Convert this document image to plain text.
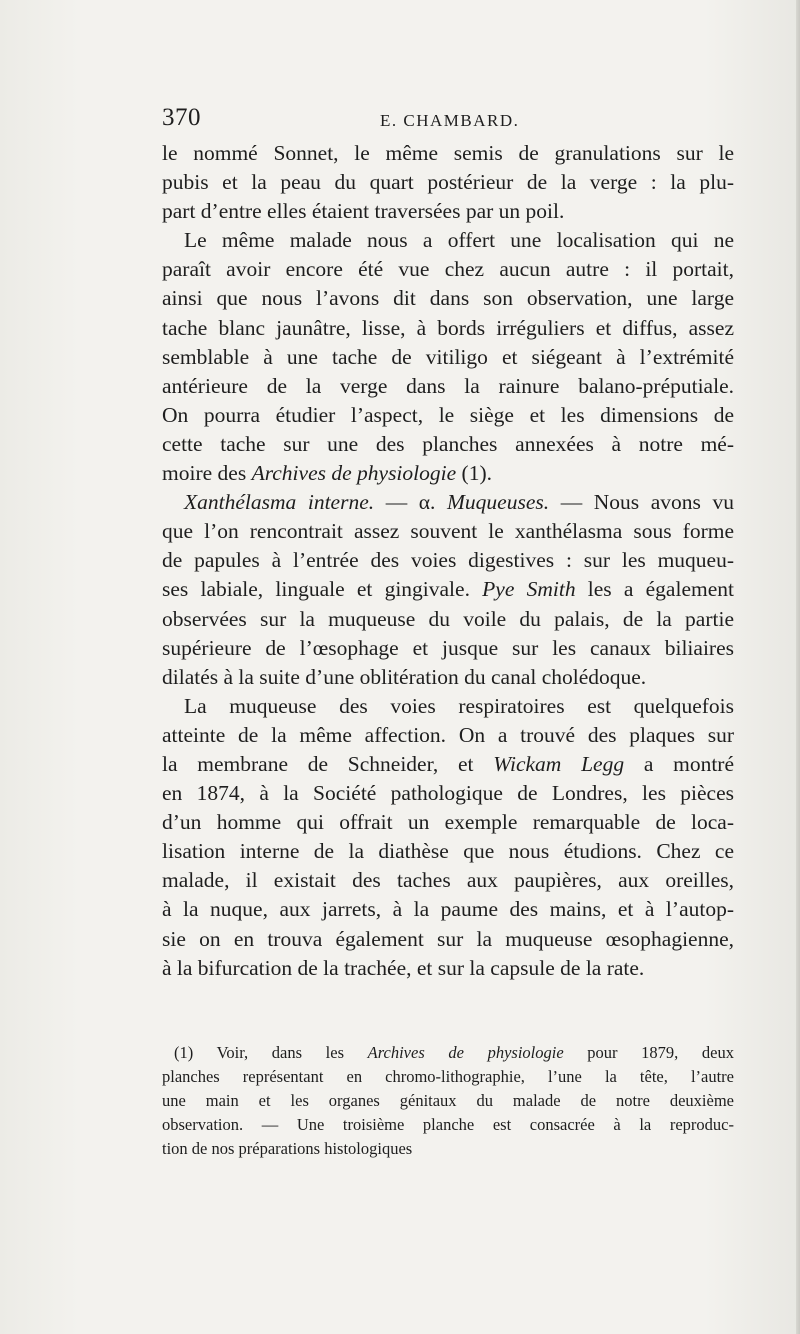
370	E. CHAMBARD.
le nommé Sonnet, le même semis de granulations sur le
pubis et la peau du quart postérieur de la verge : la plu-
part d’entre elles étaient traversées par un poil.
Le même malade nous a offert une localisation qui ne
paraît avoir encore été vue chez aucun autre : il portait,
ainsi que nous l’avons dit dans son observation, une large
tache blanc jaunâtre, lisse, à bords irréguliers et diffus, assez
semblable à une tache de vitiligo et siégeant à l’extrémité
antérieure de la verge dans la rainure balano-préputiale.
On pourra étudier l’aspect, le siège et les dimensions de
cette tache sur une des planches annexées à notre mé-
moire des Archives de physiologie (1).
Xanthélasma interne. — α. Muqueuses. — Nous avons vu
que l’on rencontrait assez souvent le xanthélasma sous forme
de papules à l’entrée des voies digestives : sur les muqueu-
ses labiale, linguale et gingivale. Pye Smith les a également
observées sur la muqueuse du voile du palais, de la partie
supérieure de l’œsophage et jusque sur les canaux biliaires
dilatés à la suite d’une oblitération du canal cholédoque.
La muqueuse des voies respiratoires est quelquefois
atteinte de la même affection. On a trouvé des plaques sur
la membrane de Schneider, et Wickam Legg a montré
en 1874, à la Société pathologique de Londres, les pièces
d’un homme qui offrait un exemple remarquable de loca-
lisation interne de la diathèse que nous étudions. Chez ce
malade, il existait des taches aux paupières, aux oreilles,
à la nuque, aux jarrets, à la paume des mains, et à l’autop-
sie on en trouva également sur la muqueuse œsophagienne,
à la bifurcation de la trachée, et sur la capsule de la rate.
(1) Voir, dans les Archives de physiologie pour 1879, deux
planches représentant en chromo-lithographie, l’une la tête, l’autre
une main et les organes génitaux du malade de notre deuxième
observation. — Une troisième planche est consacrée à la reproduc-
tion de nos préparations histologiques
